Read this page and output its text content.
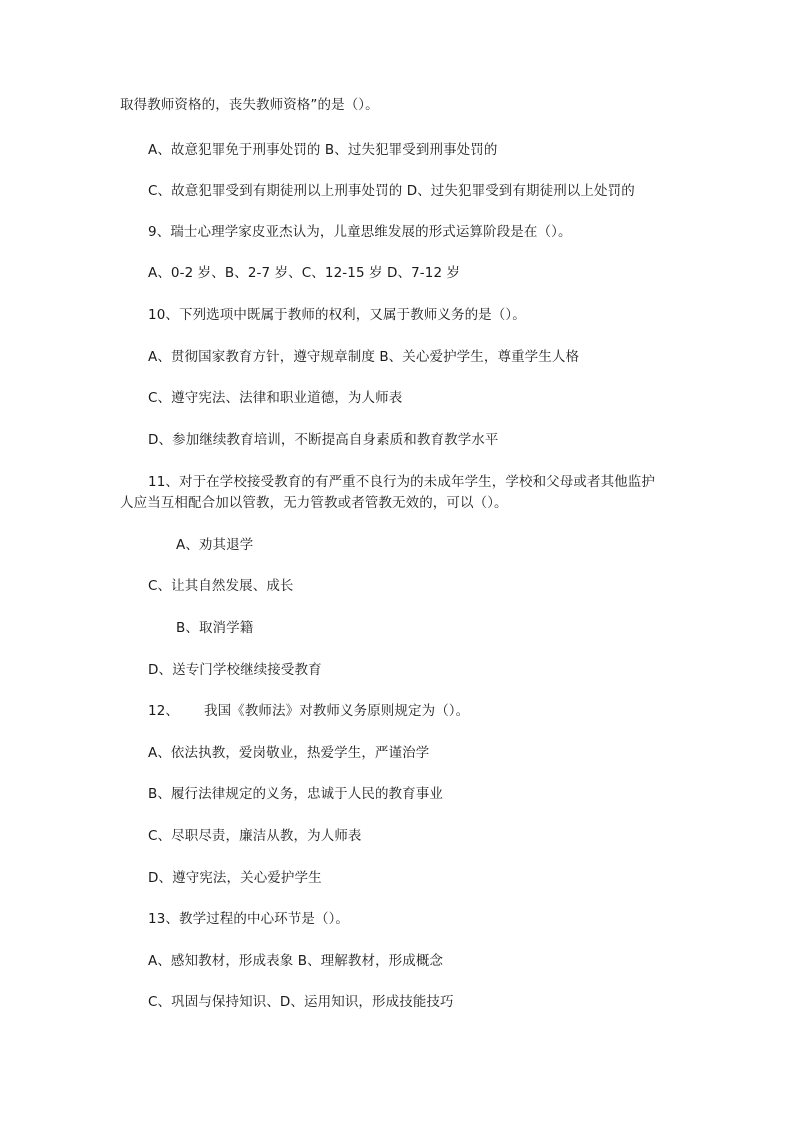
取得教师资格的，丧失教师资格”的是（）。
A、故意犯罪免于刑事处罚的 B、过失犯罪受到刑事处罚的
C、故意犯罪受到有期徒刑以上刑事处罚的 D、过失犯罪受到有期徒刑以上处罚的
9、瑞士心理学家皮亚杰认为，儿童思维发展的形式运算阶段是在（）。
A、0-2 岁、B、2-7 岁、C、12-15 岁 D、7-12 岁
10、下列选项中既属于教师的权利，又属于教师义务的是（）。
A、贯彻国家教育方针，遵守规章制度 B、关心爱护学生，尊重学生人格
C、遵守宪法、法律和职业道德，为人师表
D、参加继续教育培训，不断提高自身素质和教育教学水平
11、对于在学校接受教育的有严重不良行为的未成年学生，学校和父母或者其他监护
人应当互相配合加以管教，无力管教或者管教无效的，可以（）。
A、劝其退学
C、让其自然发展、成长
B、取消学籍
D、送专门学校继续接受教育
12、 我国《教师法》对教师义务原则规定为（）。
A、依法执教，爱岗敬业，热爱学生，严谨治学
B、履行法律规定的义务，忠诚于人民的教育事业
C、尽职尽责，廉洁从教，为人师表
D、遵守宪法，关心爱护学生
13、教学过程的中心环节是（）。
A、感知教材，形成表象 B、理解教材，形成概念
C、巩固与保持知识、D、运用知识，形成技能技巧
